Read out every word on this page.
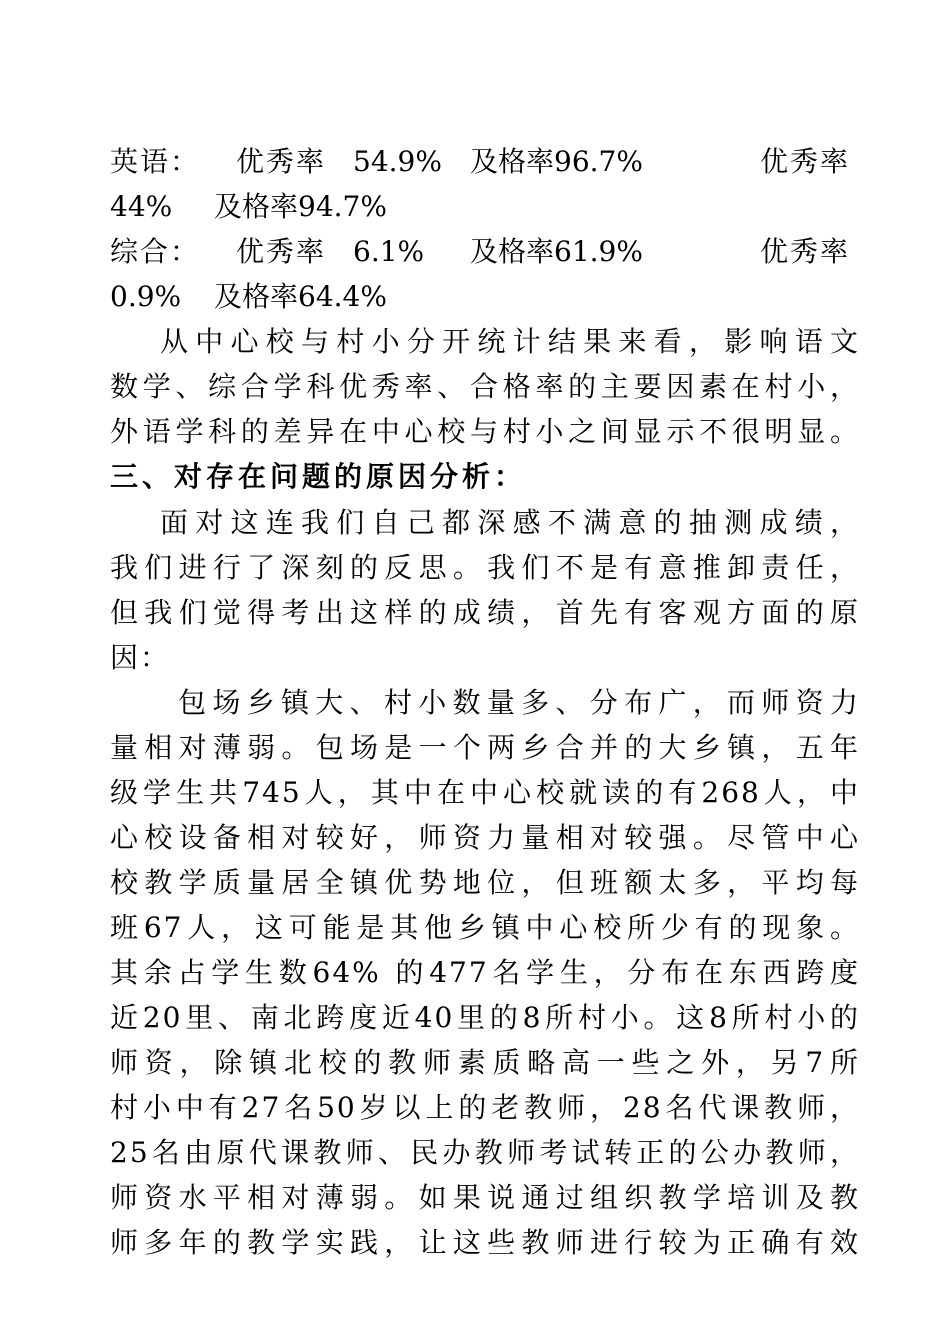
英语： 优秀率 54.9% 及格率96.7%	优秀率
44% 及格率94.7%
综合： 优秀率 6.1% 及格率61.9%	优秀率
0.9% 及格率64.4%
从中心校与村小分开统计结果来看，影响语文
数学、综合学科优秀率、合格率的主要因素在村小，
外语学科的差异在中心校与村小之间显示不很明显。
三、对存在问题的原因分析：
面对这连我们自己都深感不满意的抽测成绩，
我们进行了深刻的反思。我们不是有意推卸责任，
但我们觉得考出这样的成绩，首先有客观方面的原
因：
包场乡镇大、村小数量多、分布广，而师资力
量相对薄弱。包场是一个两乡合并的大乡镇，五年
级学生共745人，其中在中心校就读的有268人，中
心校设备相对较好，师资力量相对较强。尽管中心
校教学质量居全镇优势地位，但班额太多，平均每
班67人，这可能是其他乡镇中心校所少有的现象。
其余占学生数64% 的477名学生，分布在东西跨度
近20里、南北跨度近40里的8所村小。这8所村小的
师资，除镇北校的教师素质略高一些之外，另7所
村小中有27名50岁以上的老教师，28名代课教师，
25名由原代课教师、民办教师考试转正的公办教师，
师资水平相对薄弱。如果说通过组织教学培训及教
师多年的教学实践，让这些教师进行较为正确有效
